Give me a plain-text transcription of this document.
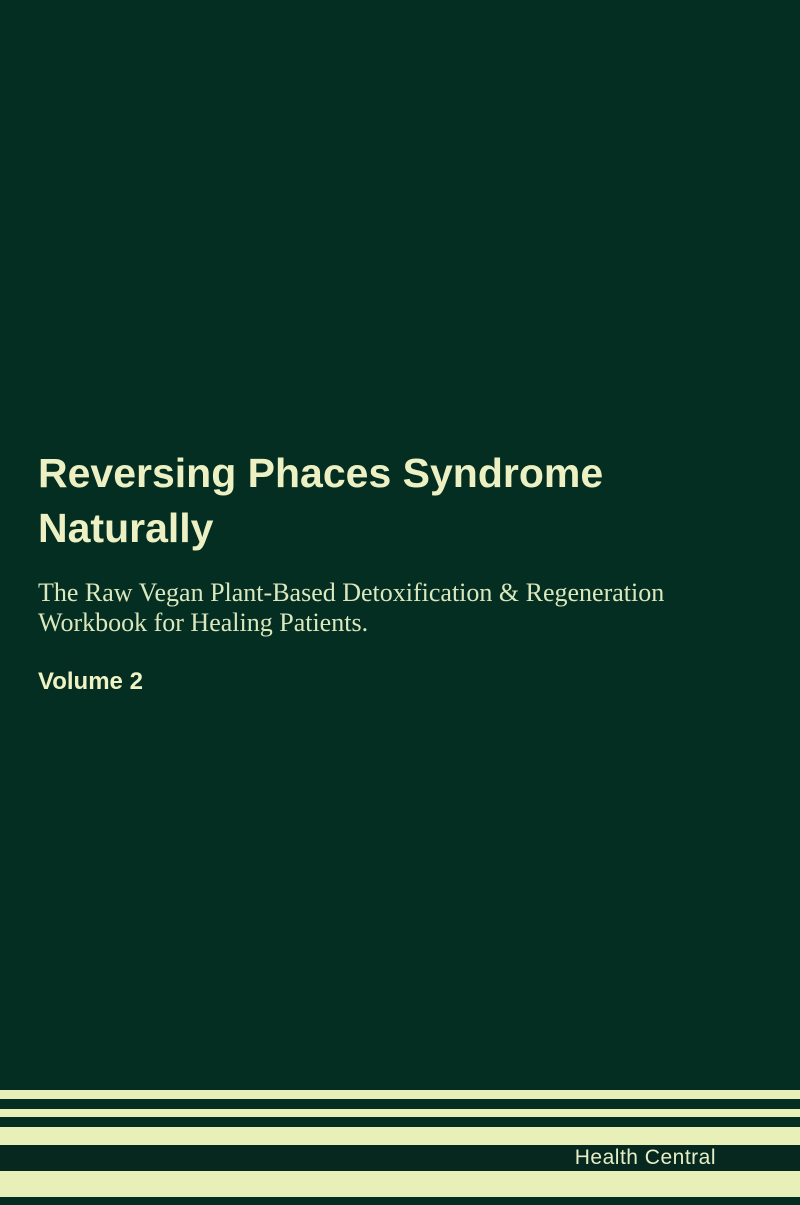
Reversing Phaces Syndrome
Naturally
The Raw Vegan Plant-Based Detoxification & Regeneration
Workbook for Healing Patients.
Volume 2
Health Central
